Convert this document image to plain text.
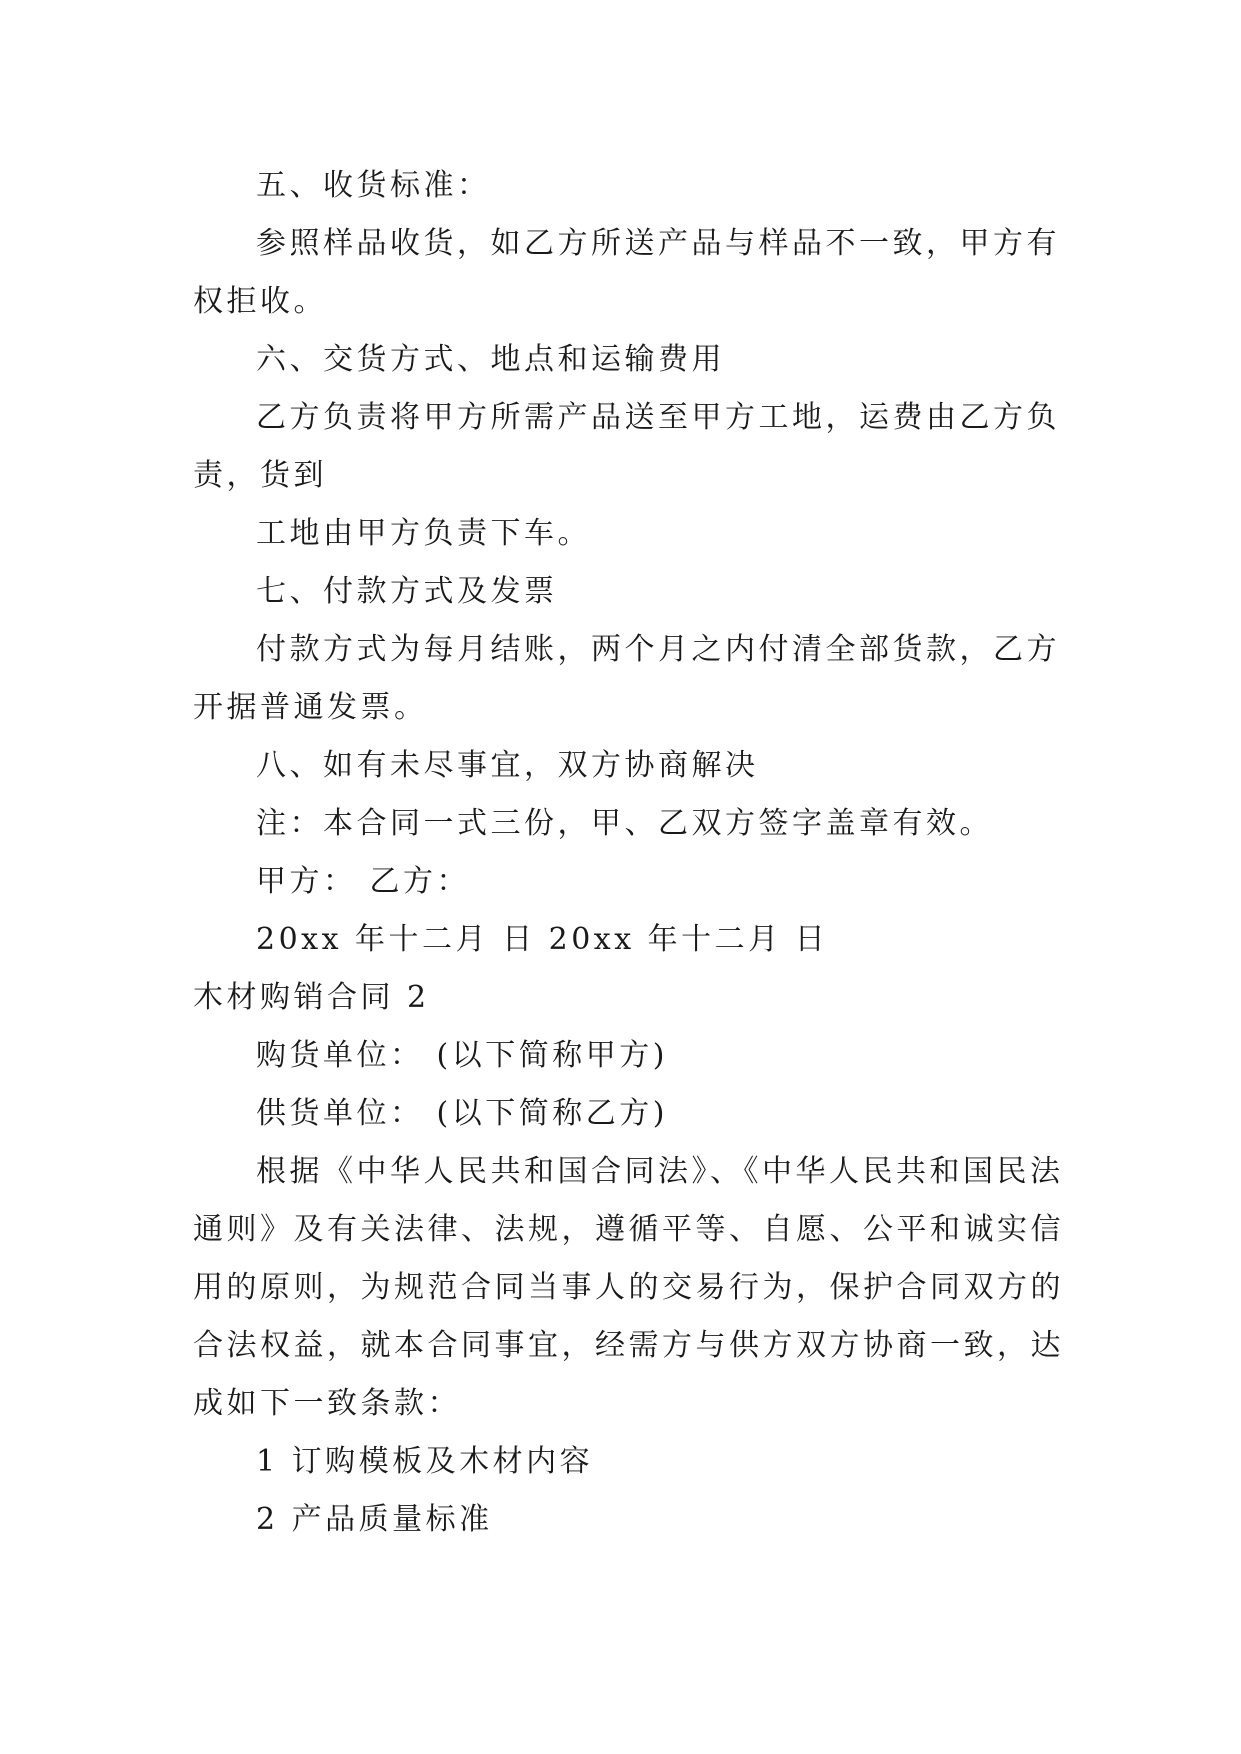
五、收货标准：
参照样品收货，如乙方所送产品与样品不一致，甲方有
权拒收。
六、交货方式、地点和运输费用
乙方负责将甲方所需产品送至甲方工地，运费由乙方负
责，货到
工地由甲方负责下车。
七、付款方式及发票
付款方式为每月结账，两个月之内付清全部货款，乙方
开据普通发票。
八、如有未尽事宜，双方协商解决
注：本合同一式三份，甲、乙双方签字盖章有效。
甲方： 乙方：
20xx 年十二月 日 20xx 年十二月 日
木材购销合同 2
购货单位： (以下简称甲方)
供货单位： (以下简称乙方)
根据《中华人民共和国合同法》、《中华人民共和国民法
通则》及有关法律、法规，遵循平等、自愿、公平和诚实信
用的原则，为规范合同当事人的交易行为，保护合同双方的
合法权益，就本合同事宜，经需方与供方双方协商一致，达
成如下一致条款：
1 订购模板及木材内容
2 产品质量标准
